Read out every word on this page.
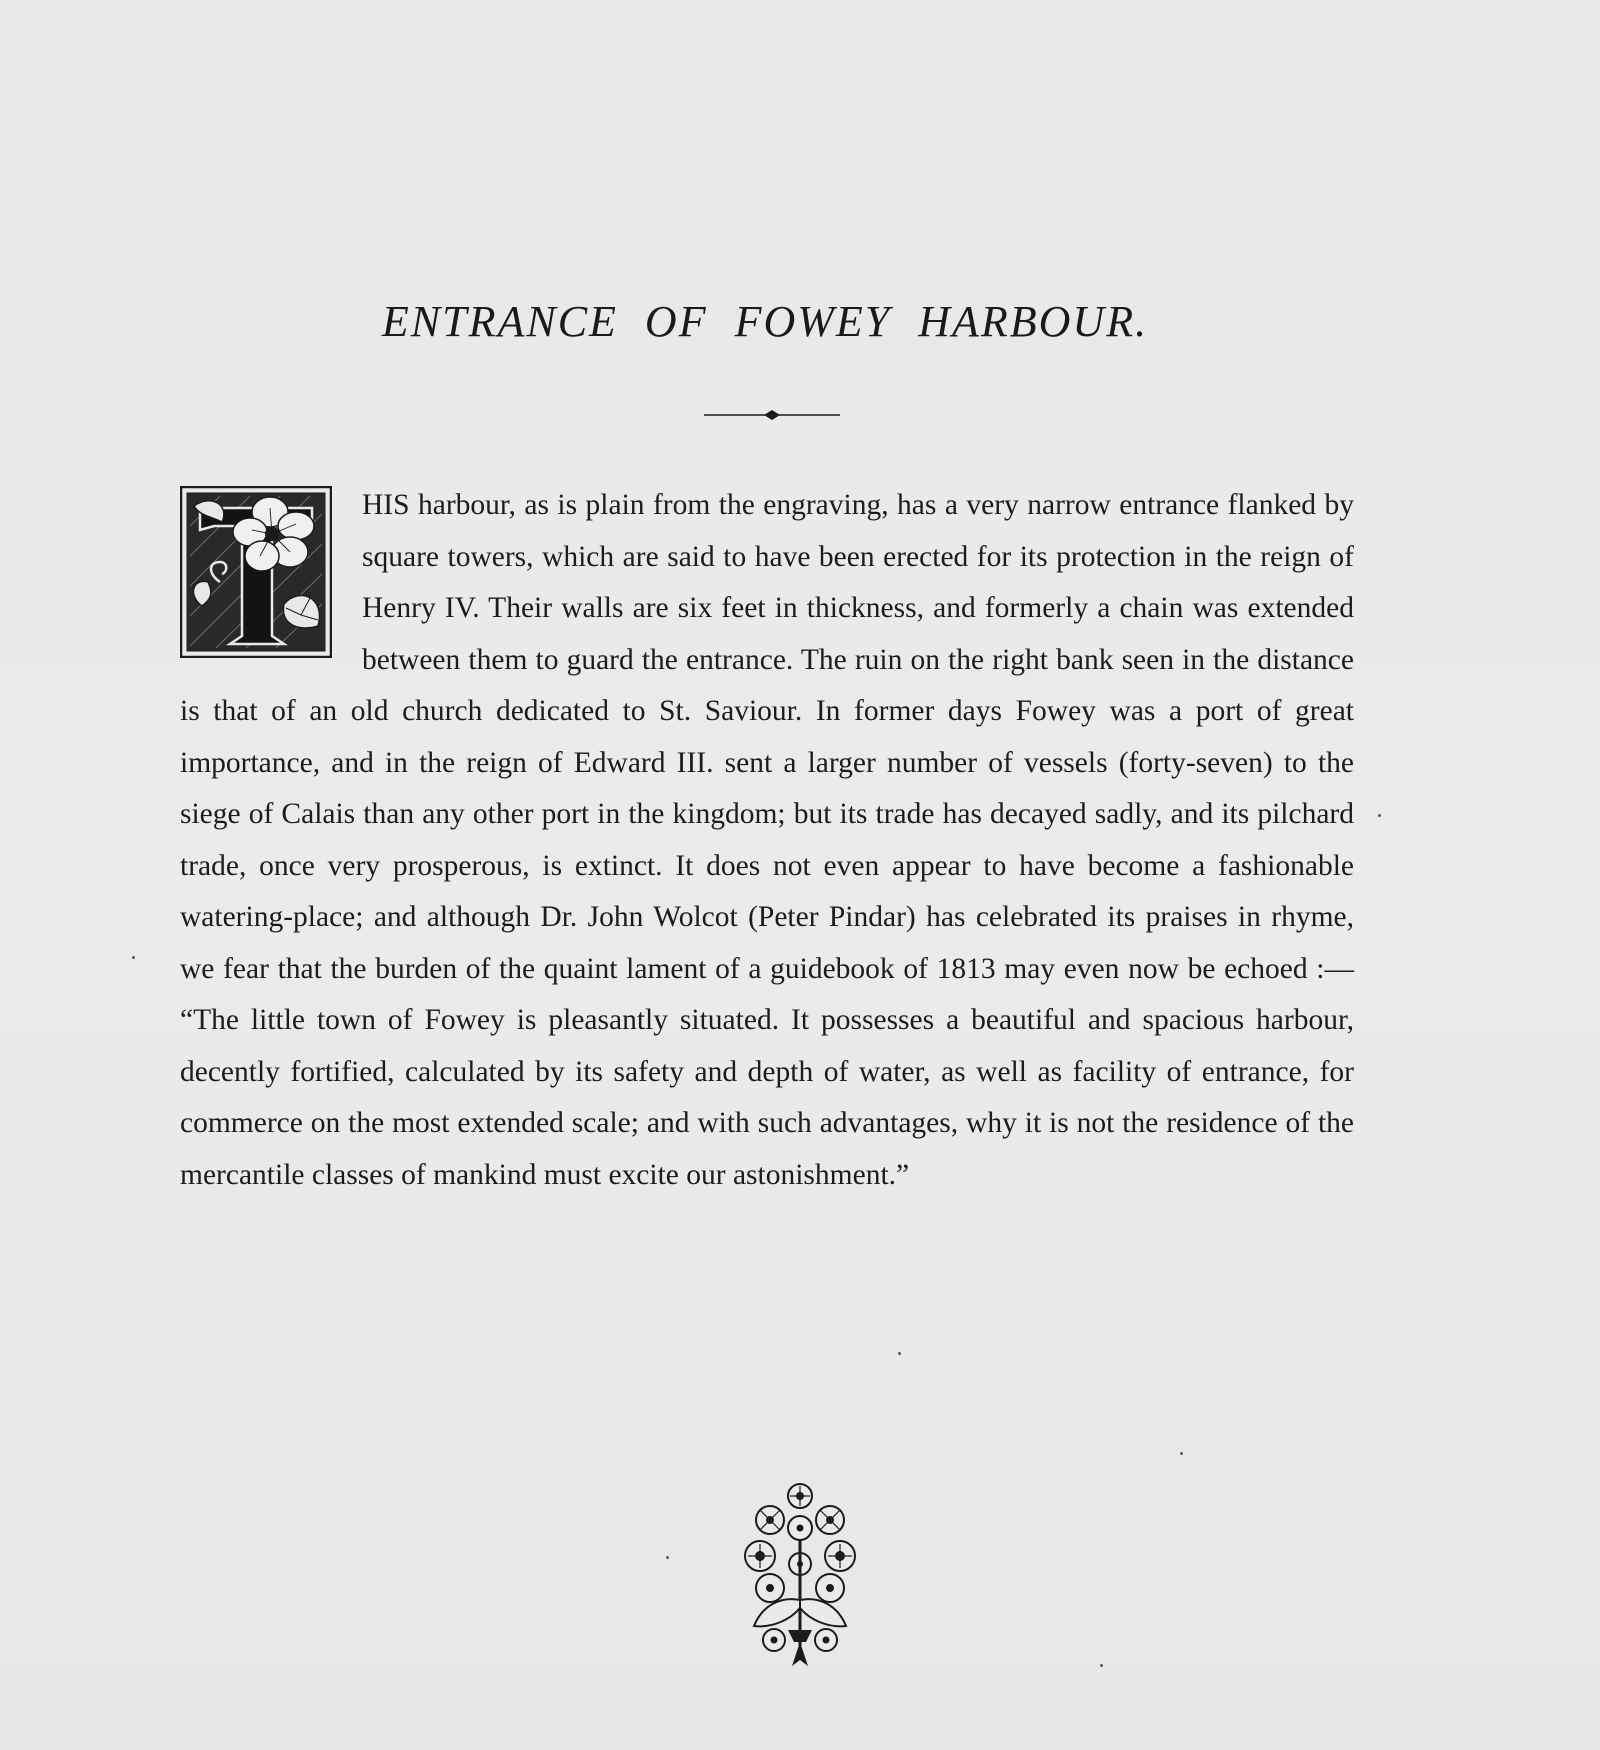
ENTRANCE OF FOWEY HARBOUR.
HIS harbour, as is plain from the engraving, has a very narrow entrance flanked by square towers, which are said to have been erected for its protection in the reign of Henry IV. Their walls are six feet in thickness, and formerly a chain was extended between them to guard the entrance. The ruin on the right bank seen in the distance is that of an old church dedicated to St. Saviour. In former days Fowey was a port of great importance, and in the reign of Edward III. sent a larger number of vessels (forty-seven) to the siege of Calais than any other port in the kingdom; but its trade has decayed sadly, and its pilchard trade, once very prosperous, is extinct. It does not even appear to have become a fashionable watering-place; and although Dr. John Wolcot (Peter Pindar) has celebrated its praises in rhyme, we fear that the burden of the quaint lament of a guidebook of 1813 may even now be echoed :— “The little town of Fowey is pleasantly situated. It possesses a beautiful and spacious harbour, decently fortified, calculated by its safety and depth of water, as well as facility of entrance, for commerce on the most extended scale; and with such advantages, why it is not the residence of the mercantile classes of mankind must excite our astonishment.”
